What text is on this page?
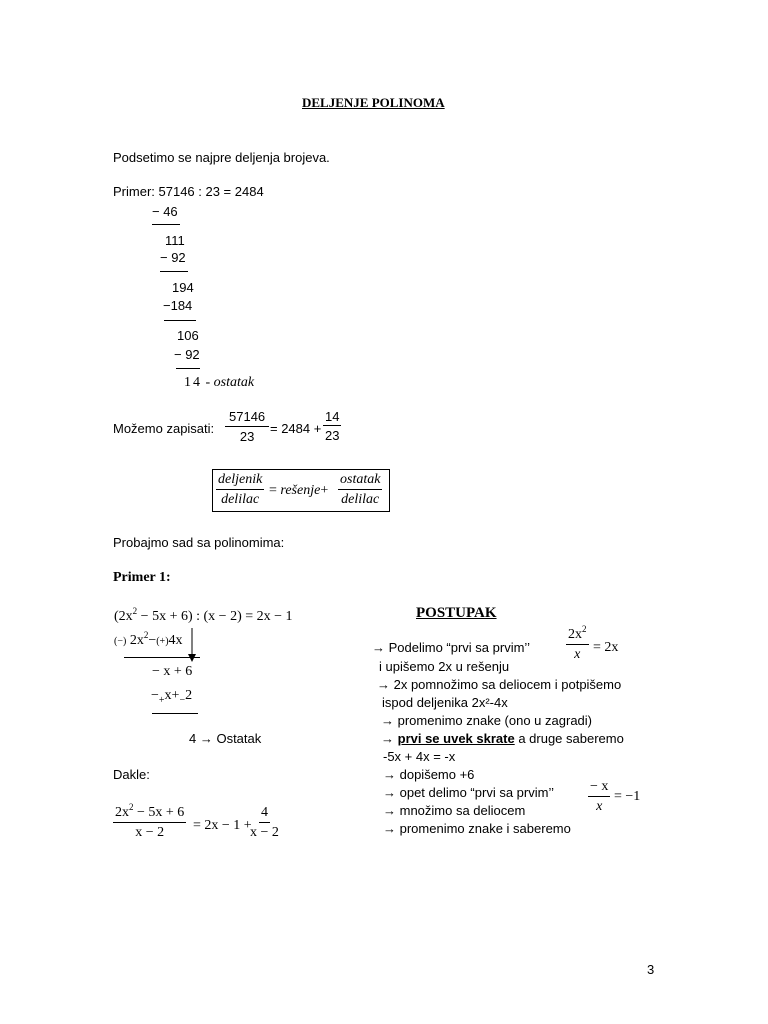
DELJENJE POLINOMA
Podsetimo se najpre deljenja brojeva.
Primer: 57146 : 23 = 2484
− 46
111
− 92
194
−184
106
− 92
14 - ostatak
Možemo zapisati: $\frac{57146}{23} = 2484 + \frac{14}{23}$
deljenik
delilac
= rešenje+
ostatak
delilac
Probajmo sad sa polinomima:
Primer 1:
$(2x^2 - 5x + 6)$ : (x − 2) = 2x − 1
(−) $2x^2-(+)4x$
− x + 6
$-_+x+_-2$
4 → Ostatak
Dakle:
$\frac{2x^2 - 5x + 6}{x - 2} = 2x - 1$ +
$\frac{4}{x - 2}$
POSTUPAK
→ Podelimo “prvi sa prvim’’	$\frac{2x^2}{x} = 2x$
i upišemo 2x u rešenju
→ 2x pomnožimo sa deliocem i potpišemo
ispod deljenika 2x²-4x
→ promenimo znake (ono u zagradi)
→ prvi se uvek skrate a druge saberemo
-5x + 4x = -x
→ dopišemo +6
→ opet delimo “prvi sa prvim’’ $\frac{- x}{x} = -1$
→ množimo sa deliocem
→ promenimo znake i saberemo
3
